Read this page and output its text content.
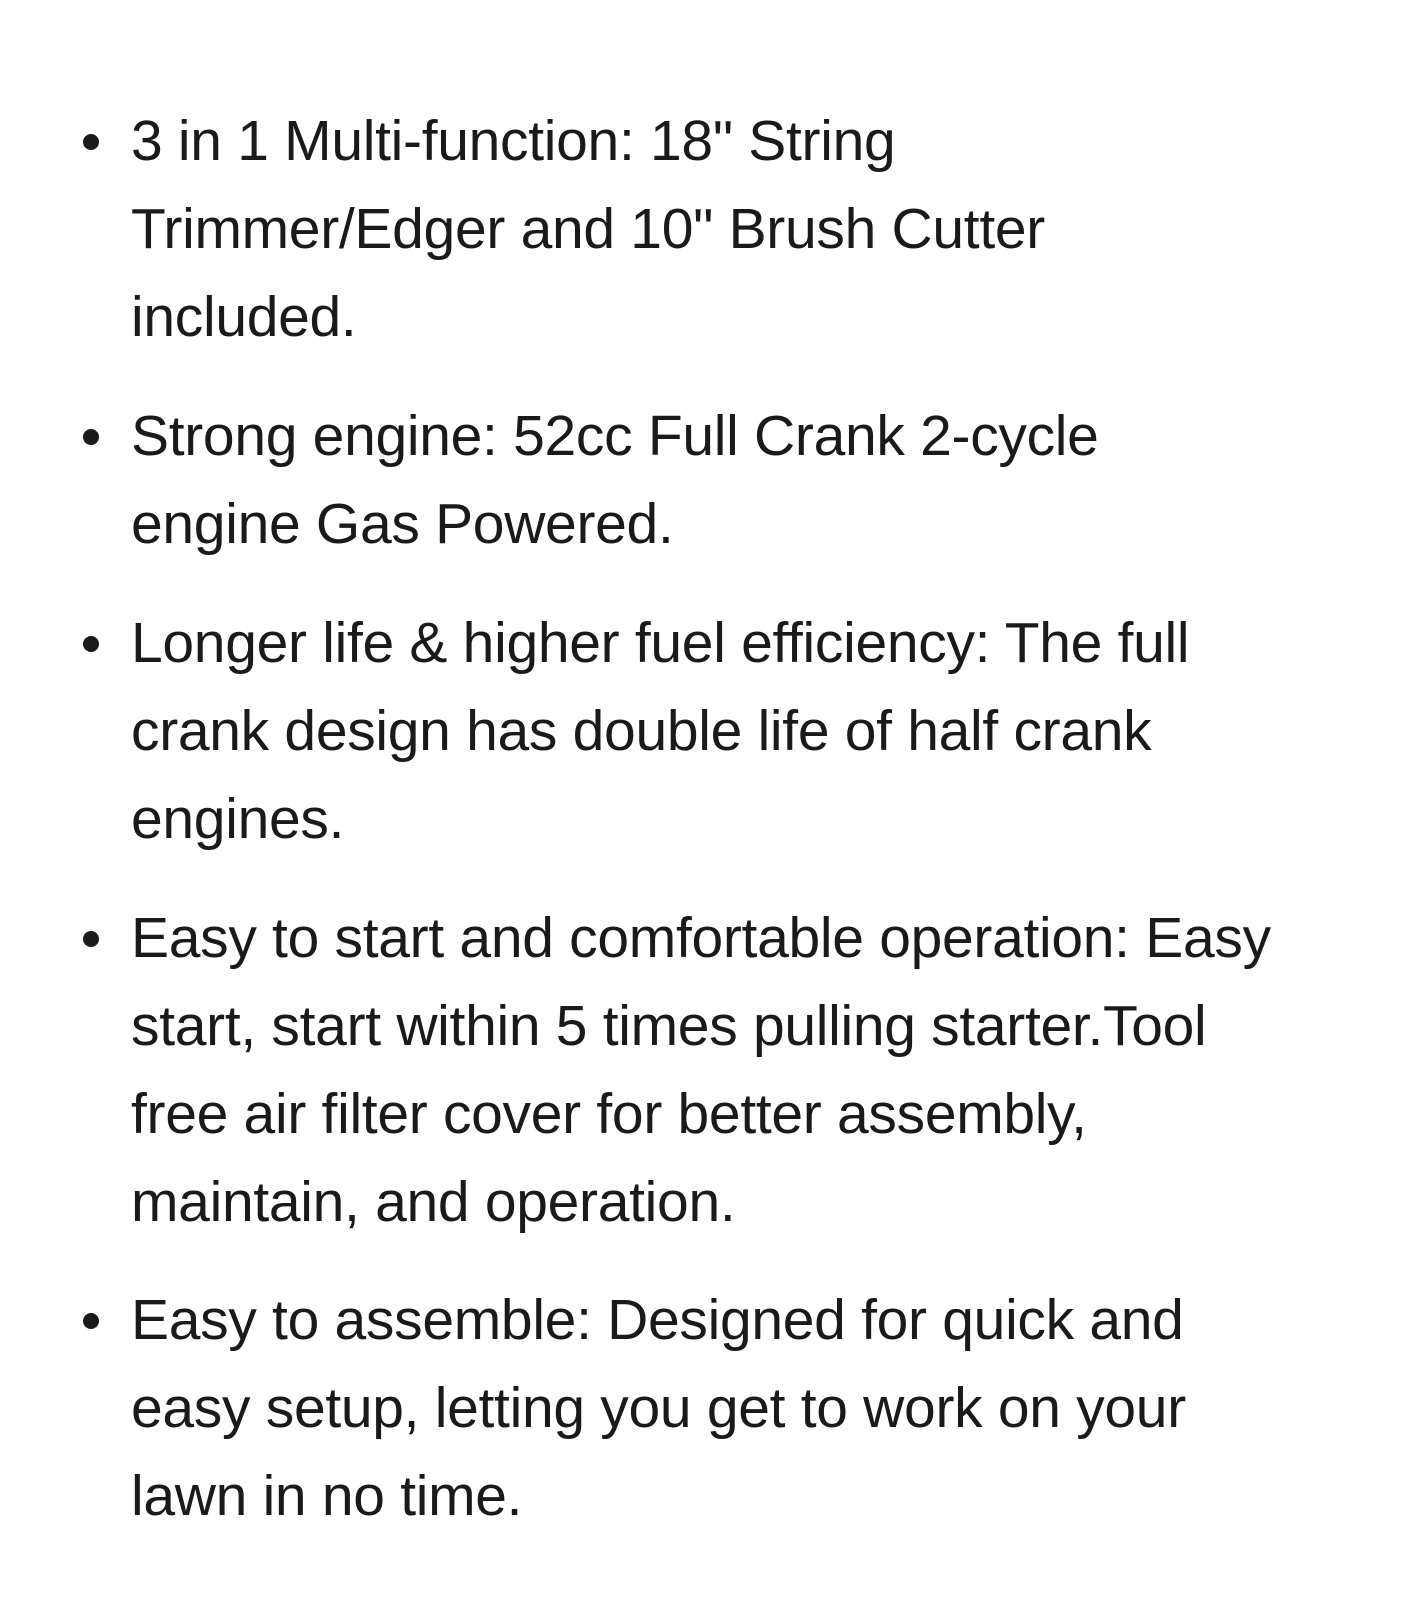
3 in 1 Multi-function: 18" String
Trimmer/Edger and 10" Brush Cutter
included.
Strong engine: 52cc Full Crank 2-cycle
engine Gas Powered.
Longer life & higher fuel efficiency: The full
crank design has double life of half crank
engines.
Easy to start and comfortable operation: Easy
start, start within 5 times pulling starter.Tool
free air filter cover for better assembly,
maintain, and operation.
Easy to assemble: Designed for quick and
easy setup, letting you get to work on your
lawn in no time.
